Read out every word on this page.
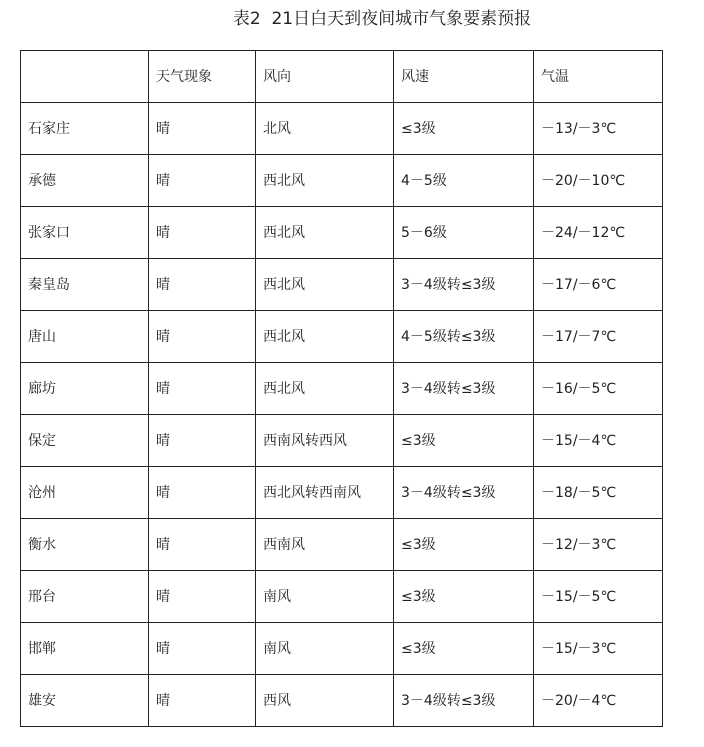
表2  21日白天到夜间城市气象要素预报
	天气现象	风向	风速	气温
石家庄	晴	北风	≤3级	－13/－3℃
承德	晴	西北风	4－5级	－20/－10℃
张家口	晴	西北风	5－6级	－24/－12℃
秦皇岛	晴	西北风	3－4级转≤3级	－17/－6℃
唐山	晴	西北风	4－5级转≤3级	－17/－7℃
廊坊	晴	西北风	3－4级转≤3级	－16/－5℃
保定	晴	西南风转西风	≤3级	－15/－4℃
沧州	晴	西北风转西南风	3－4级转≤3级	－18/－5℃
衡水	晴	西南风	≤3级	－12/－3℃
邢台	晴	南风	≤3级	－15/－5℃
邯郸	晴	南风	≤3级	－15/－3℃
雄安	晴	西风	3－4级转≤3级	－20/－4℃
